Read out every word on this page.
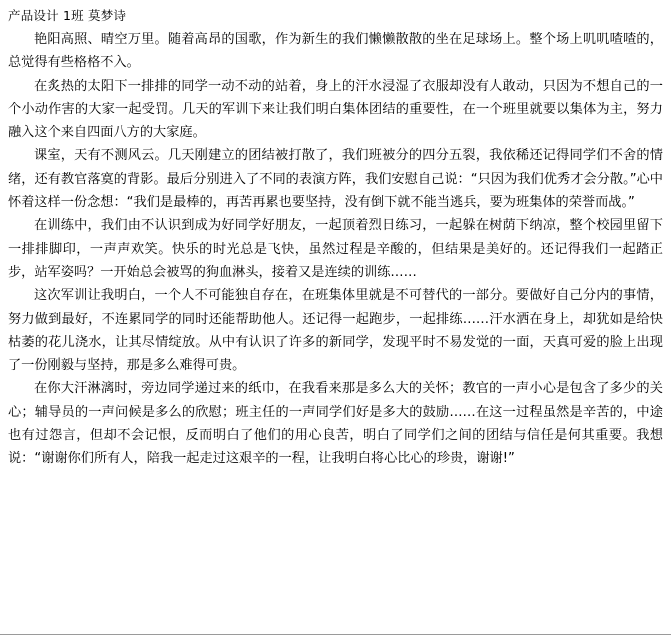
产品设计 1班 莫梦诗

艳阳高照、晴空万里。随着高昂的国歌，作为新生的我们懒懒散散的坐在足球场上。整个场上叽叽喳喳的，总觉得有些格格不入。

在炙热的太阳下一排排的同学一动不动的站着，身上的汗水浸湿了衣服却没有人敢动，只因为不想自己的一个小动作害的大家一起受罚。几天的军训下来让我们明白集体团结的重要性，在一个班里就要以集体为主，努力融入这个来自四面八方的大家庭。

课室，天有不测风云。几天刚建立的团结被打散了，我们班被分的四分五裂，我依稀还记得同学们不舍的情绪，还有教官落寞的背影。最后分别进入了不同的表演方阵，我们安慰自己说：“只因为我们优秀才会分散。”心中怀着这样一份念想：“我们是最棒的，再苦再累也要坚持，没有倒下就不能当逃兵，要为班集体的荣誉而战。”

在训练中，我们由不认识到成为好同学好朋友，一起顶着烈日练习，一起躲在树荫下纳凉，整个校园里留下一排排脚印，一声声欢笑。快乐的时光总是飞快，虽然过程是辛酸的，但结果是美好的。还记得我们一起踏正步，站军姿吗？一开始总会被骂的狗血淋头，接着又是连续的训练……

这次军训让我明白，一个人不可能独自存在，在班集体里就是不可替代的一部分。要做好自己分内的事情，努力做到最好，不连累同学的同时还能帮助他人。还记得一起跑步，一起排练……汗水洒在身上，却犹如是给快枯萎的花儿浇水，让其尽情绽放。从中有认识了许多的新同学，发现平时不易发觉的一面，天真可爱的脸上出现了一份刚毅与坚持，那是多么难得可贵。

在你大汗淋漓时，旁边同学递过来的纸巾，在我看来那是多么大的关怀；教官的一声小心是包含了多少的关心；辅导员的一声问候是多么的欣慰；班主任的一声同学们好是多大的鼓励……在这一过程虽然是辛苦的，中途也有过怨言，但却不会记恨，反而明白了他们的用心良苦，明白了同学们之间的团结与信任是何其重要。我想说：“谢谢你们所有人，陪我一起走过这艰辛的一程，让我明白将心比心的珍贵，谢谢!”
